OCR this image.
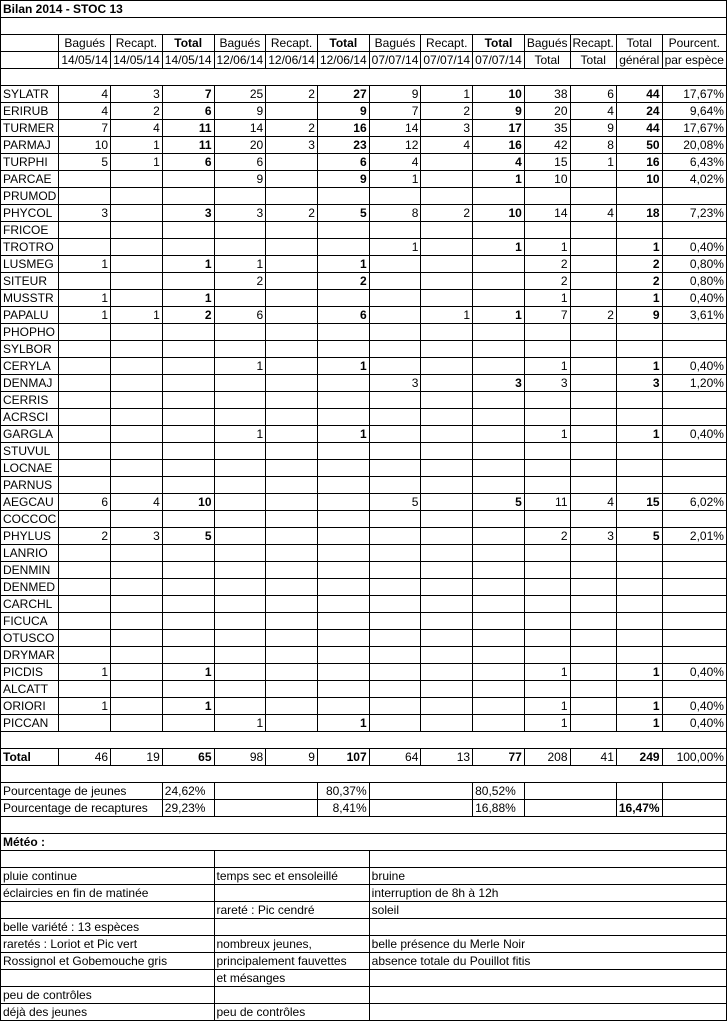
Bilan 2014 - STOC 13													

	Bagués	Recapt.	Total	Bagués	Recapt.	Total	Bagués	Recapt.	Total	Bagués	Recapt.	Total	Pourcent.
	14/05/14	14/05/14	14/05/14	12/06/14	12/06/14	12/06/14	07/07/14	07/07/14	07/07/14	Total	Total	général	par espèce

SYLATR	4	3	7	25	2	27	9	1	10	38	6	44	17,67%
ERIRUB	4	2	6	9		9	7	2	9	20	4	24	9,64%
TURMER	7	4	11	14	2	16	14	3	17	35	9	44	17,67%
PARMAJ	10	1	11	20	3	23	12	4	16	42	8	50	20,08%
TURPHI	5	1	6	6		6	4		4	15	1	16	6,43%
PARCAE				9		9	1		1	10		10	4,02%
PRUMOD													
PHYCOL	3		3	3	2	5	8	2	10	14	4	18	7,23%
FRICOE													
TROTRO							1		1	1		1	0,40%
LUSMEG	1		1	1		1				2		2	0,80%
SITEUR				2		2				2		2	0,80%
MUSSTR	1		1							1		1	0,40%
PAPALU	1	1	2	6		6		1	1	7	2	9	3,61%
PHOPHO													
SYLBOR													
CERYLA				1		1				1		1	0,40%
DENMAJ							3		3	3		3	1,20%
CERRIS													
ACRSCI													
GARGLA				1		1				1		1	0,40%
STUVUL													
LOCNAE													
PARNUS													
AEGCAU	6	4	10				5		5	11	4	15	6,02%
COCCOC													
PHYLUS	2	3	5							2	3	5	2,01%
LANRIO													
DENMIN													
DENMED													
CARCHL													
FICUCA													
OTUSCO													
DRYMAR													
PICDIS	1		1							1		1	0,40%
ALCATT													
ORIORI	1		1							1		1	0,40%
PICCAN				1		1				1		1	0,40%

Total	46	19	65	98	9	107	64	13	77	208	41	249	100,00%

Pourcentage de jeunes			24,62%			80,37%			80,52%				
Pourcentage de recaptures			29,23%			8,41%			16,88%			16,47%	

Météo :													

pluie continue				temps sec et ensoleillé			bruine						
éclaircies en fin de matinée							interruption de 8h à 12h						
				rareté : Pic cendré			soleil						
belle variété : 13 espèces													
raretés : Loriot et Pic vert				nombreux jeunes,			belle présence du Merle Noir						
Rossignol et Gobemouche gris				principalement fauvettes			absence totale du Pouillot fitis						
				et mésanges									
peu de contrôles													
déjà des jeunes				peu de contrôles									
